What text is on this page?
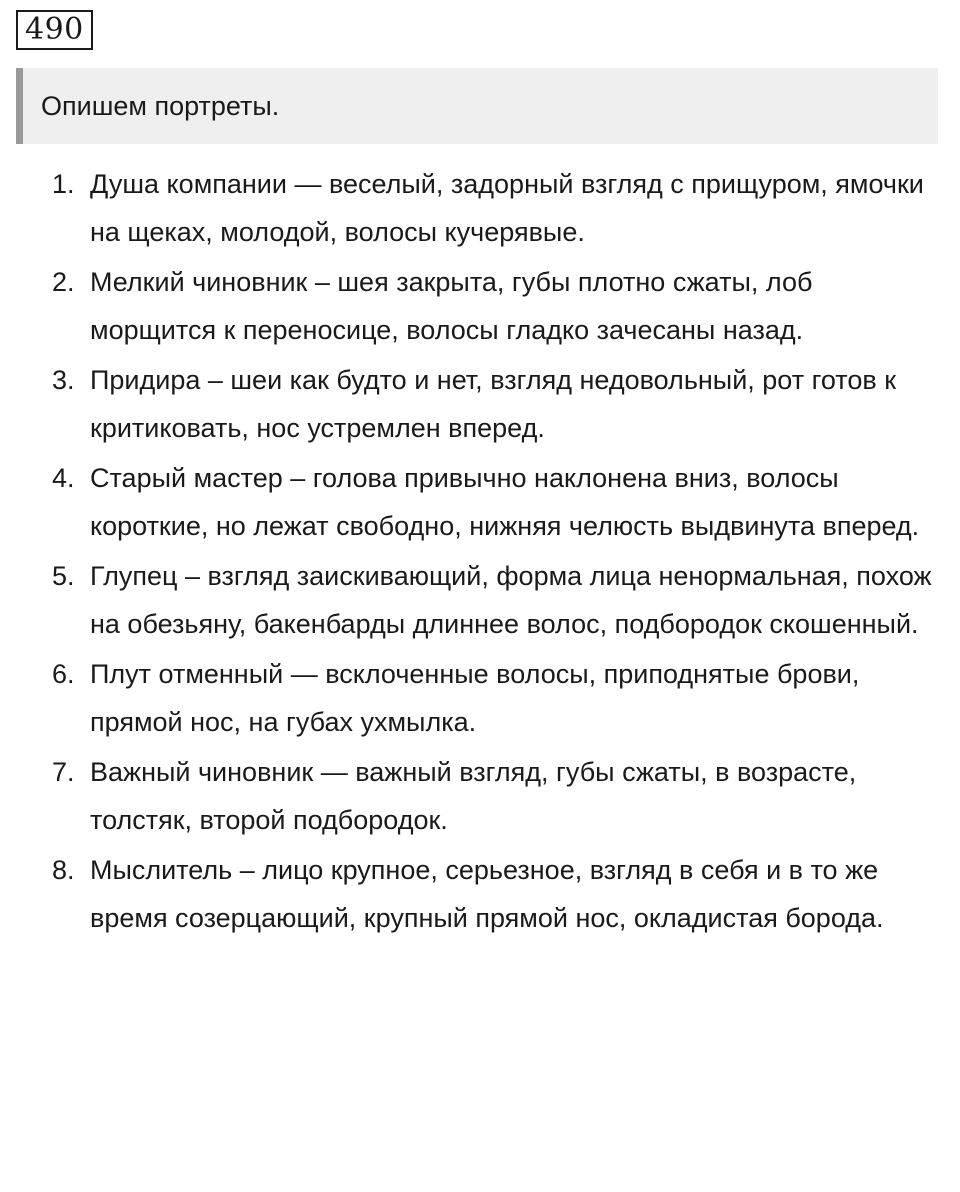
490
Опишем портреты.
1. Душа компании — веселый, задорный взгляд с прищуром, ямочки на щеках, молодой, волосы кучерявые.
2. Мелкий чиновник – шея закрыта, губы плотно сжаты, лоб морщится к переносице, волосы гладко зачесаны назад.
3. Придира – шеи как будто и нет, взгляд недовольный, рот готов к критиковать, нос устремлен вперед.
4. Старый мастер – голова привычно наклонена вниз, волосы короткие, но лежат свободно, нижняя челюсть выдвинута вперед.
5. Глупец – взгляд заискивающий, форма лица ненормальная, похож на обезьяну, бакенбарды длиннее волос, подбородок скошенный.
6. Плут отменный — всклоченные волосы, приподнятые брови, прямой нос, на губах ухмылка.
7. Важный чиновник — важный взгляд, губы сжаты, в возрасте, толстяк, второй подбородок.
8. Мыслитель – лицо крупное, серьезное, взгляд в себя и в то же время созерцающий, крупный прямой нос, окладистая борода.
